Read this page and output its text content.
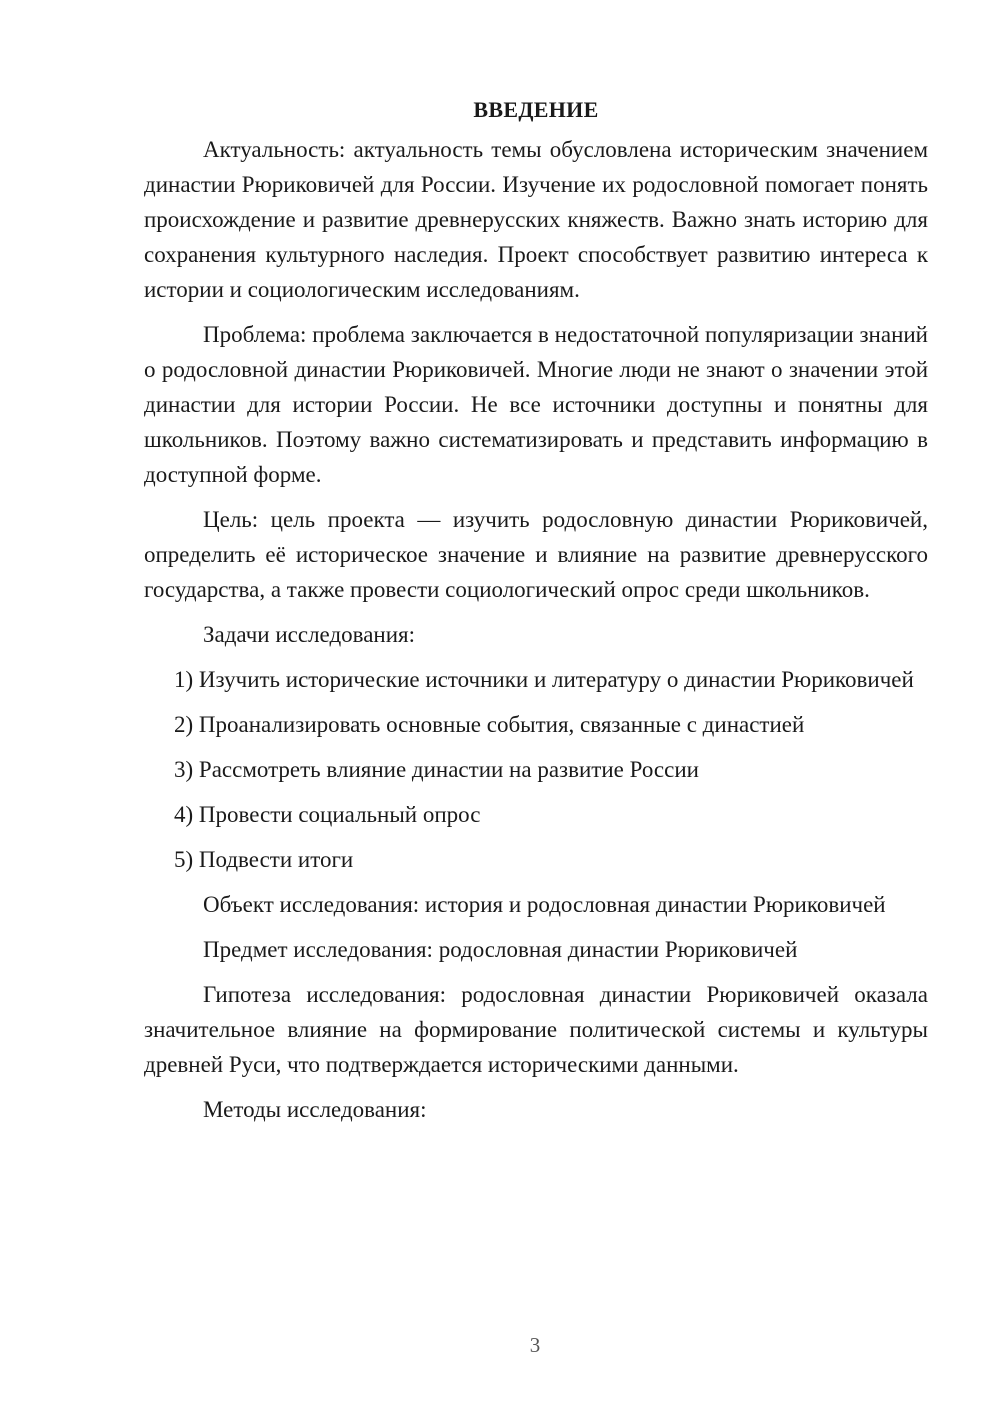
ВВЕДЕНИЕ

Актуальность: актуальность темы обусловлена историческим значением династии Рюриковичей для России. Изучение их родословной помогает понять происхождение и развитие древнерусских княжеств. Важно знать историю для сохранения культурного наследия. Проект способствует развитию интереса к истории и социологическим исследованиям.

Проблема: проблема заключается в недостаточной популяризации знаний о родословной династии Рюриковичей. Многие люди не знают о значении этой династии для истории России. Не все источники доступны и понятны для школьников. Поэтому важно систематизировать и представить информацию в доступной форме.

Цель: цель проекта — изучить родословную династии Рюриковичей, определить её историческое значение и влияние на развитие древнерусского государства, а также провести социологический опрос среди школьников.

Задачи исследования:

1) Изучить исторические источники и литературу о династии Рюриковичей

2) Проанализировать основные события, связанные с династией

3) Рассмотреть влияние династии на развитие России

4) Провести социальный опрос

5) Подвести итоги

Объект исследования: история и родословная династии Рюриковичей

Предмет исследования: родословная династии Рюриковичей

Гипотеза исследования: родословная династии Рюриковичей оказала значительное влияние на формирование политической системы и культуры древней Руси, что подтверждается историческими данными.

Методы исследования:

3
